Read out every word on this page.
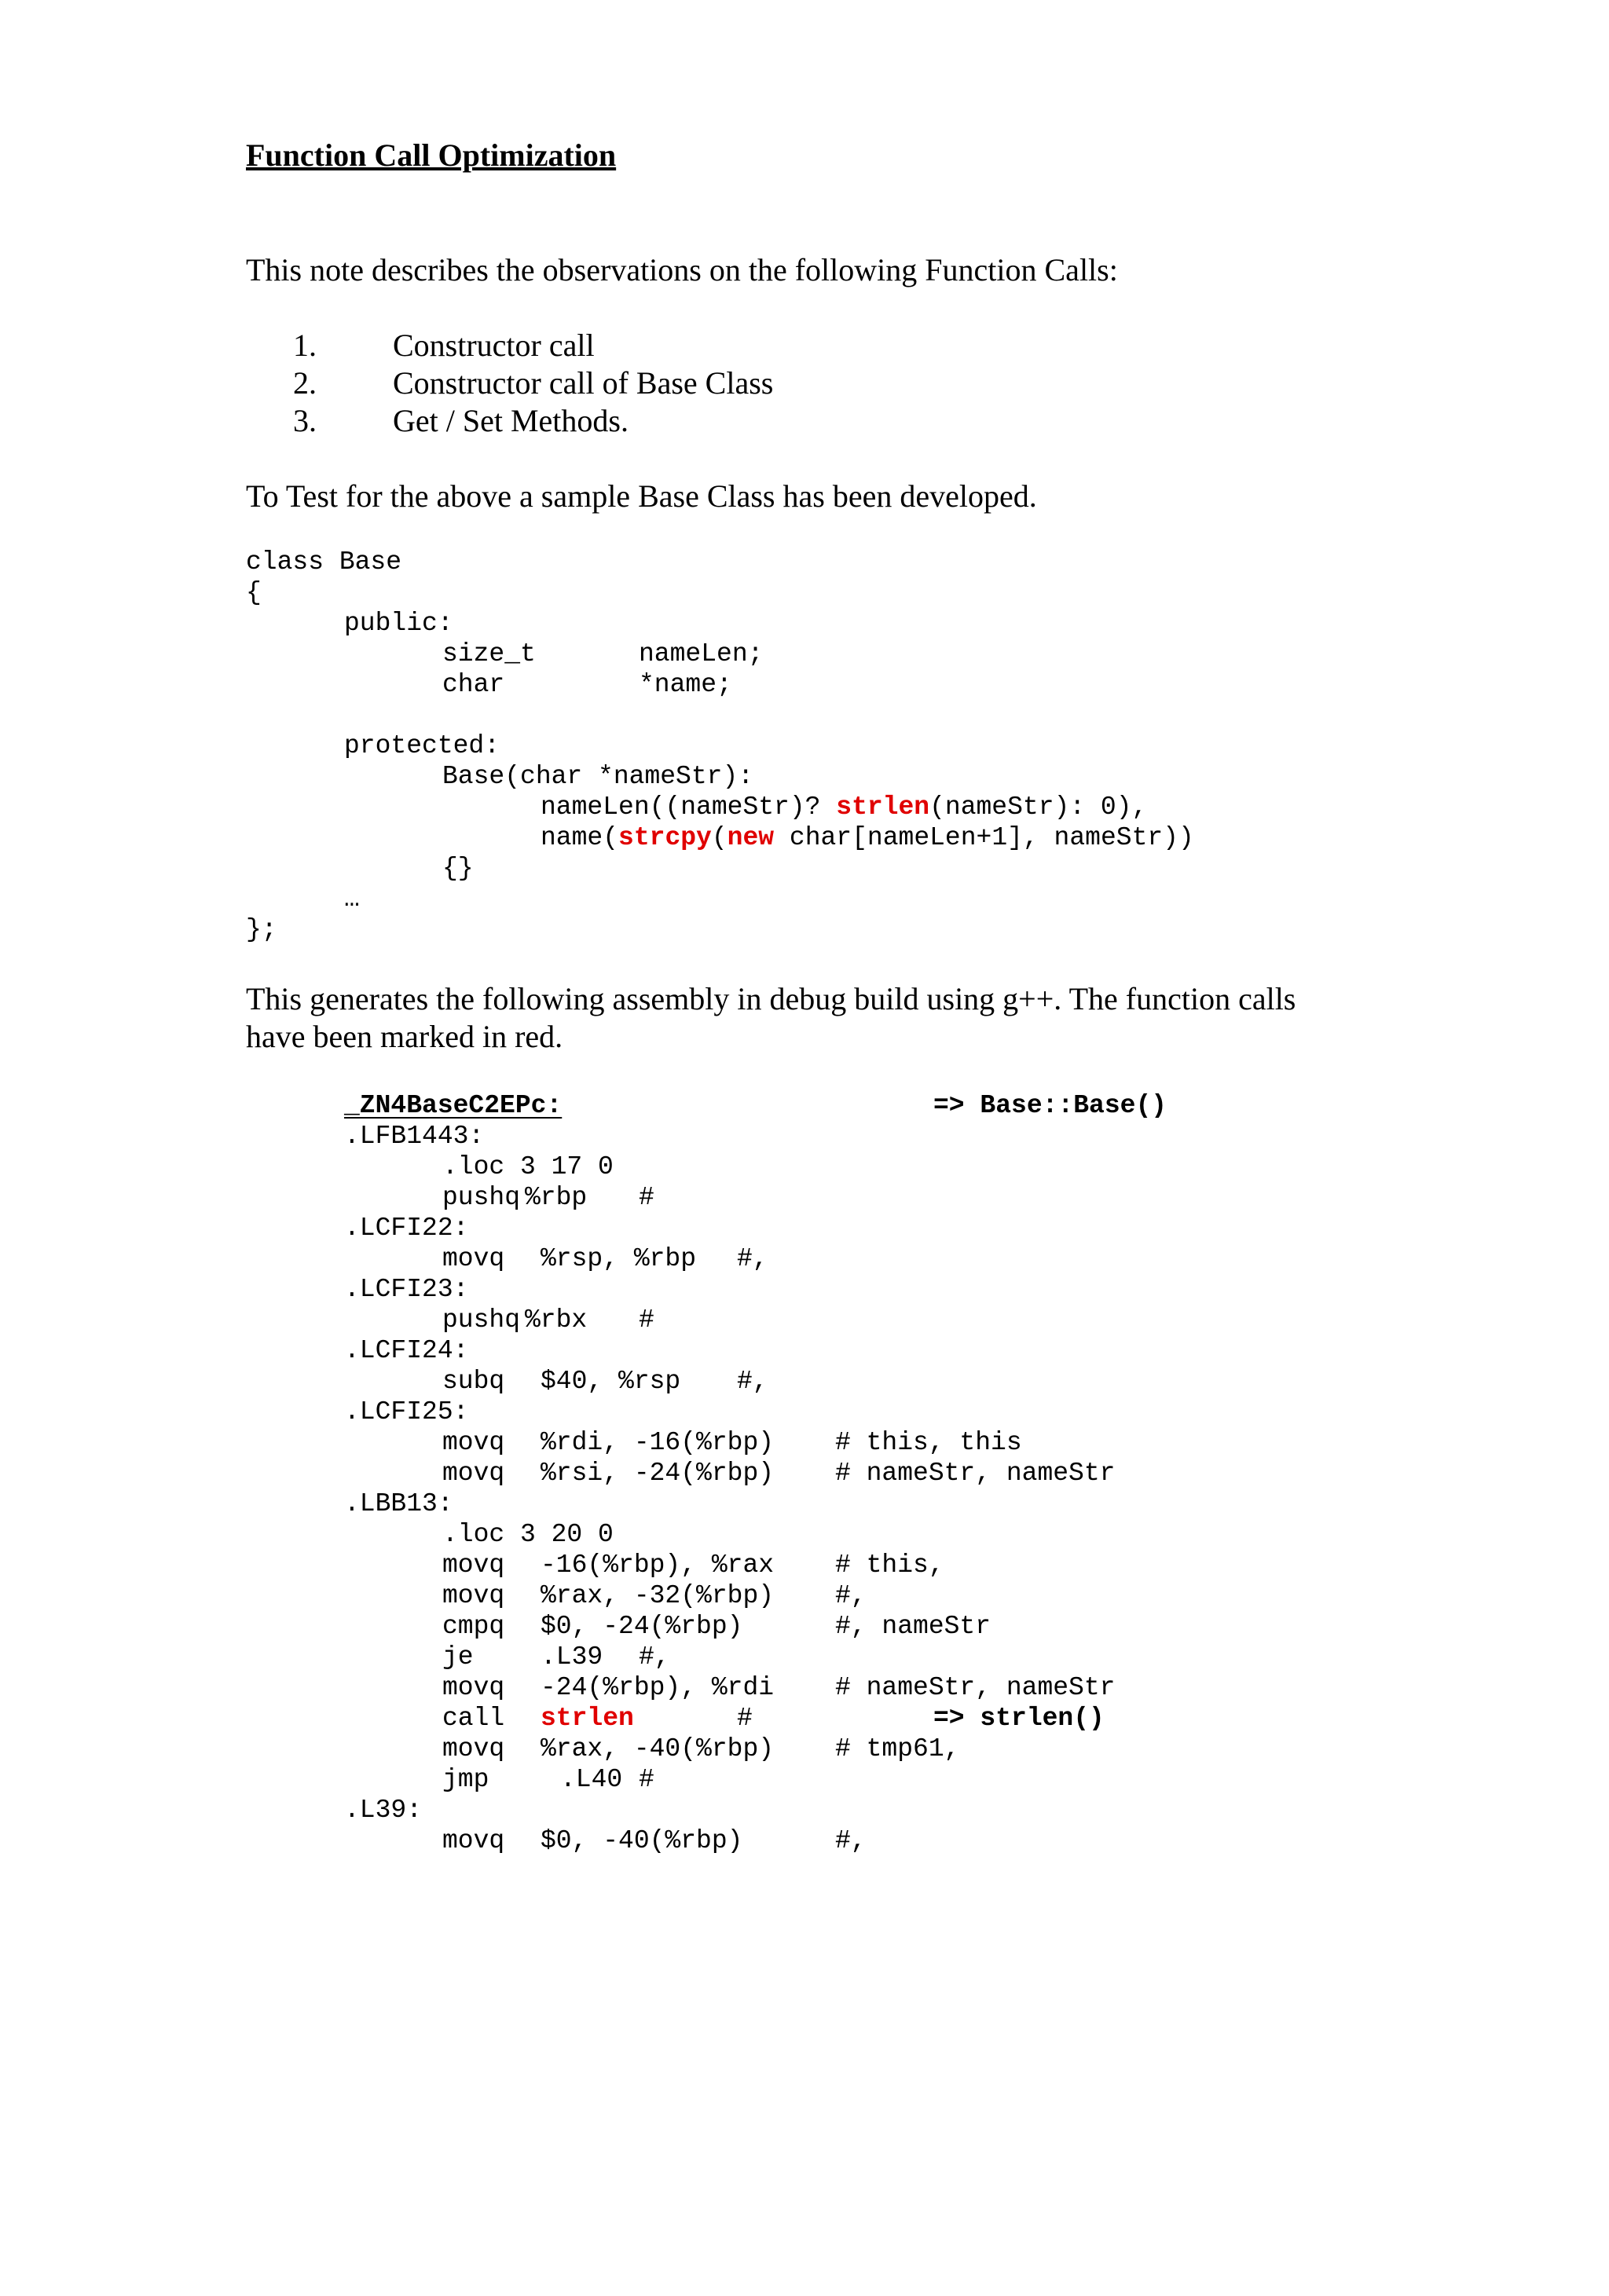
Function Call Optimization
This note describes the observations on the following Function Calls:
1. Constructor call
2. Constructor call of Base Class
3. Get / Set Methods.
To Test for the above a sample Base Class has been developed.
class Base
{
public:
size_t	nameLen;
char	*name;
protected:
Base(char *nameStr):
nameLen((nameStr)? strlen(nameStr): 0),
name(strcpy(new char[nameLen+1], nameStr))
{}
…
};
This generates the following assembly in debug build using g++. The function calls
have been marked in red.
_ZN4BaseC2EPc:	=> Base::Base()
.LFB1443:
.loc 3 17 0
pushq %rbp #
.LCFI22:
movq %rsp, %rbp #,
.LCFI23:
pushq %rbx #
.LCFI24:
subq $40, %rsp #,
.LCFI25:
movq %rdi, -16(%rbp) # this, this
movq %rsi, -24(%rbp) # nameStr, nameStr
.LBB13:
.loc 3 20 0
movq -16(%rbp), %rax # this,
movq %rax, -32(%rbp) #,
cmpq $0, -24(%rbp)	#, nameStr
je	.L39 #,
movq -24(%rbp), %rdi # nameStr, nameStr
call strlen	#	=> strlen()
movq %rax, -40(%rbp) # tmp61,
jmp	.L40 #
.L39:
movq $0, -40(%rbp)	#,
